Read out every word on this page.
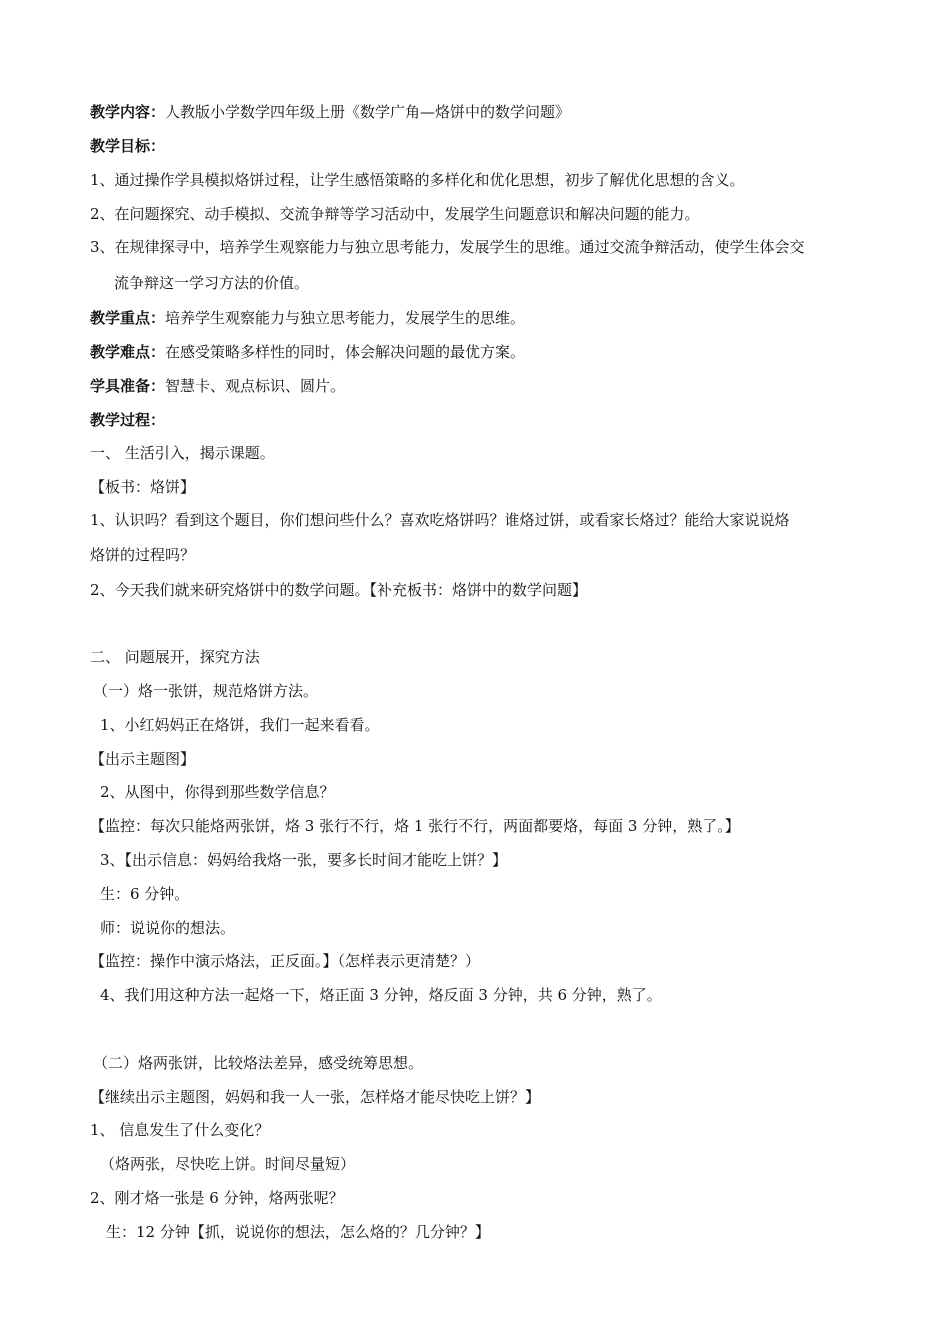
教学内容：人教版小学数学四年级上册《数学广角—烙饼中的数学问题》
教学目标：
1、通过操作学具模拟烙饼过程，让学生感悟策略的多样化和优化思想，初步了解优化思想的含义。
2、在问题探究、动手模拟、交流争辩等学习活动中，发展学生问题意识和解决问题的能力。
3、在规律探寻中，培养学生观察能力与独立思考能力，发展学生的思维。通过交流争辩活动，使学生体会交
流争辩这一学习方法的价值。
教学重点：培养学生观察能力与独立思考能力，发展学生的思维。
教学难点：在感受策略多样性的同时，体会解决问题的最优方案。
学具准备：智慧卡、观点标识、圆片。
教学过程：
一、 生活引入，揭示课题。
【板书：烙饼】
1、认识吗？看到这个题目，你们想问些什么？喜欢吃烙饼吗？谁烙过饼，或看家长烙过？能给大家说说烙
烙饼的过程吗？
2、今天我们就来研究烙饼中的数学问题。【补充板书：烙饼中的数学问题】
二、 问题展开，探究方法
（一）烙一张饼，规范烙饼方法。
1、小红妈妈正在烙饼，我们一起来看看。
【出示主题图】
2、从图中，你得到那些数学信息？
【监控：每次只能烙两张饼，烙 3 张行不行，烙 1 张行不行，两面都要烙，每面 3 分钟，熟了。】
3、【出示信息：妈妈给我烙一张，要多长时间才能吃上饼？】
生：6 分钟。
师：说说你的想法。
【监控：操作中演示烙法，正反面。】（怎样表示更清楚？）
4、我们用这种方法一起烙一下，烙正面 3 分钟，烙反面 3 分钟，共 6 分钟，熟了。
（二）烙两张饼，比较烙法差异，感受统筹思想。
【继续出示主题图，妈妈和我一人一张，怎样烙才能尽快吃上饼？】
1、 信息发生了什么变化？
（烙两张，尽快吃上饼。时间尽量短）
2、刚才烙一张是 6 分钟，烙两张呢？
生：12 分钟【抓，说说你的想法，怎么烙的？几分钟？】
